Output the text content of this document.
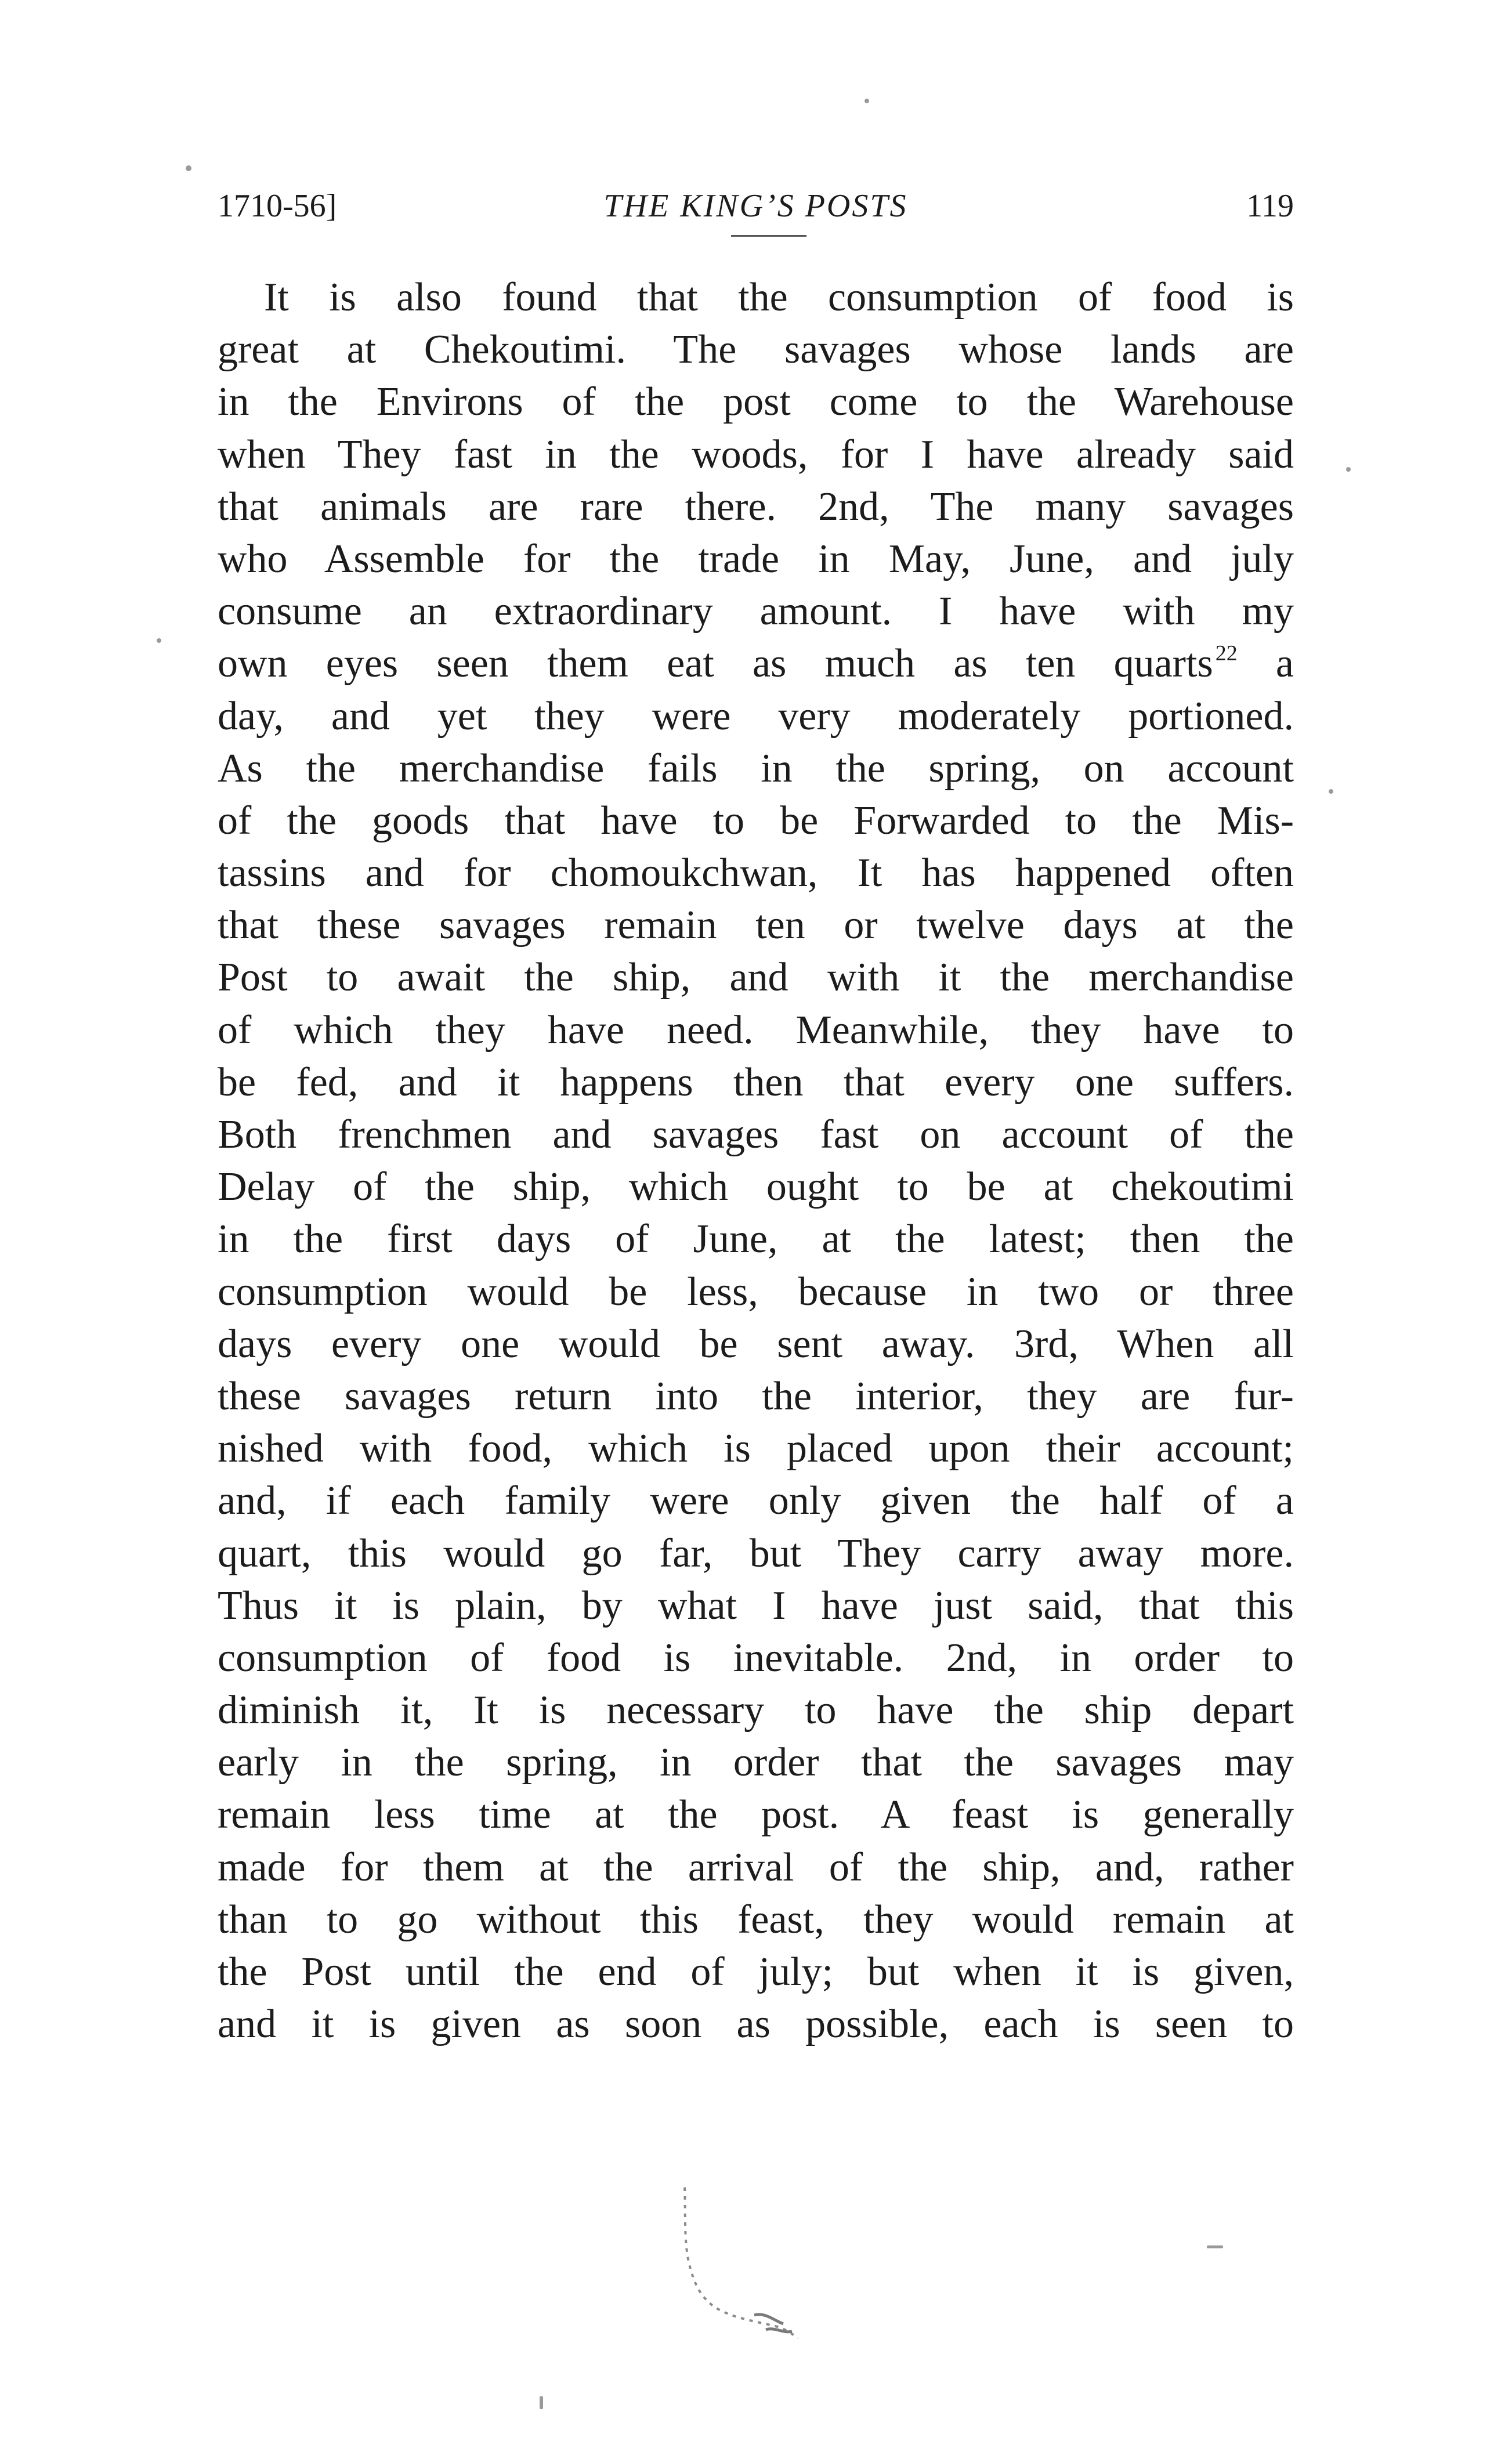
1710-56]	THE KING’S POSTS	119
It is also found that the consumption of food is
great at Chekoutimi. The savages whose lands are
in the Environs of the post come to the Warehouse
when They fast in the woods, for I have already said
that animals are rare there. 2nd, The many savages
who Assemble for the trade in May, June, and july
consume an extraordinary amount. I have with my
own eyes seen them eat as much as ten quarts $^{22}$ a
day, and yet they were very moderately portioned.
As the merchandise fails in the spring, on account
of the goods that have to be Forwarded to the Mis-
tassins and for chomoukchwan, It has happened often
that these savages remain ten or twelve days at the
Post to await the ship, and with it the merchandise
of which they have need. Meanwhile, they have to
be fed, and it happens then that every one suffers.
Both frenchmen and savages fast on account of the
Delay of the ship, which ought to be at chekoutimi
in the first days of June, at the latest; then the
consumption would be less, because in two or three
days every one would be sent away. 3rd, When all
these savages return into the interior, they are fur-
nished with food, which is placed upon their account;
and, if each family were only given the half of a
quart, this would go far, but They carry away more.
Thus it is plain, by what I have just said, that this
consumption of food is inevitable. 2nd, in order to
diminish it, It is necessary to have the ship depart
early in the spring, in order that the savages may
remain less time at the post. A feast is generally
made for them at the arrival of the ship, and, rather
than to go without this feast, they would remain at
the Post until the end of july; but when it is given,
and it is given as soon as possible, each is seen to
